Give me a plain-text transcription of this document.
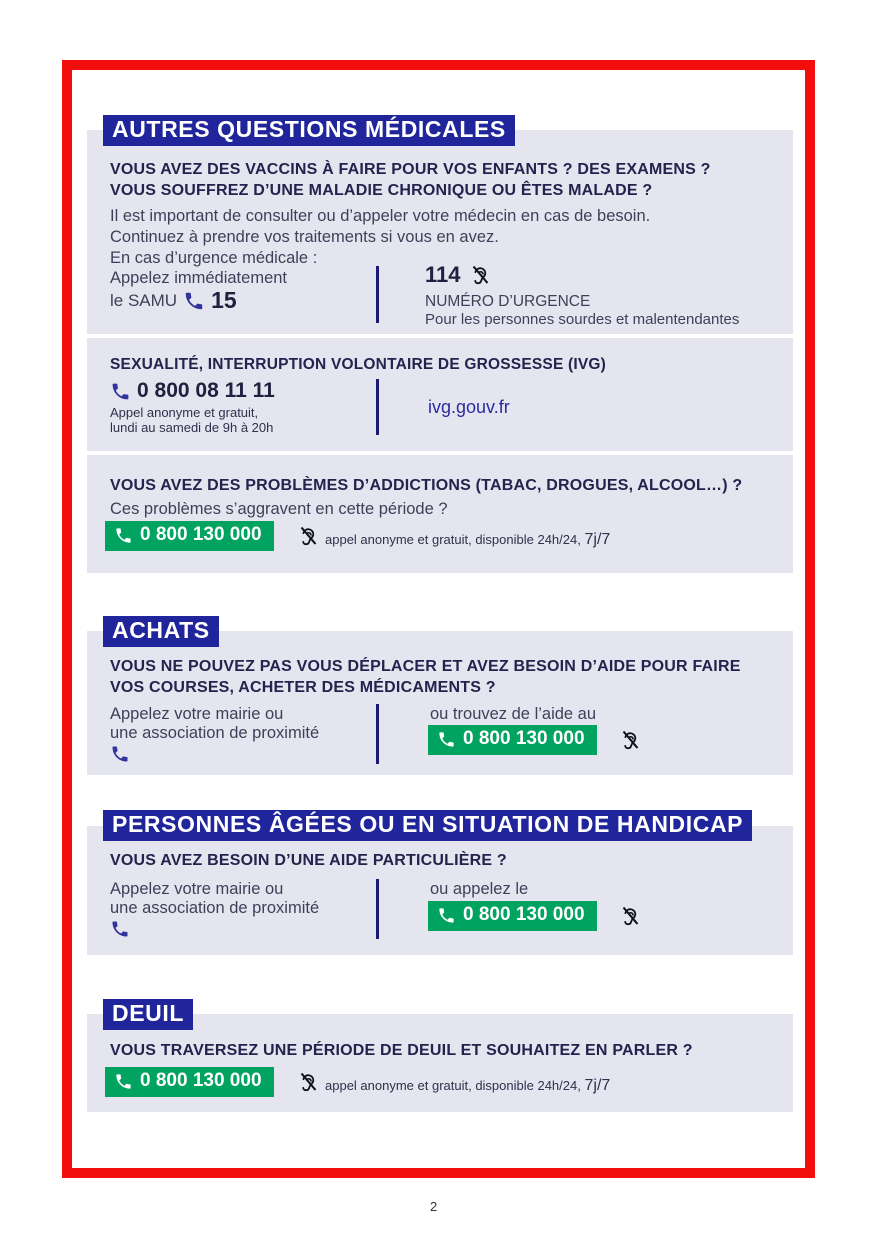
AUTRES QUESTIONS MÉDICALES
VOUS AVEZ DES VACCINS À FAIRE POUR VOS ENFANTS ? DES EXAMENS ?
VOUS SOUFFREZ D’UNE MALADIE CHRONIQUE OU ÊTES MALADE ?
Il est important de consulter ou d’appeler votre médecin en cas de besoin.
Continuez à prendre vos traitements si vous en avez.
En cas d’urgence médicale :
Appelez immédiatement
le SAMU 15
114
NUMÉRO D’URGENCE
Pour les personnes sourdes et malentendantes
SEXUALITÉ, INTERRUPTION VOLONTAIRE DE GROSSESSE (IVG)
0 800 08 11 11
Appel anonyme et gratuit,
lundi au samedi de 9h à 20h
ivg.gouv.fr
VOUS AVEZ DES PROBLÈMES D’ADDICTIONS (TABAC, DROGUES, ALCOOL…) ?
Ces problèmes s’aggravent en cette période ?
0 800 130 000	appel anonyme et gratuit, disponible 24h/24, 7j/7
ACHATS
VOUS NE POUVEZ PAS VOUS DÉPLACER ET AVEZ BESOIN D’AIDE POUR FAIRE
VOS COURSES, ACHETER DES MÉDICAMENTS ?
Appelez votre mairie ou
une association de proximité
ou trouvez de l’aide au
0 800 130 000
PERSONNES ÂGÉES OU EN SITUATION DE HANDICAP
VOUS AVEZ BESOIN D’UNE AIDE PARTICULIÈRE ?
Appelez votre mairie ou
une association de proximité
ou appelez le
0 800 130 000
DEUIL
VOUS TRAVERSEZ UNE PÉRIODE DE DEUIL ET SOUHAITEZ EN PARLER ?
0 800 130 000	appel anonyme et gratuit, disponible 24h/24, 7j/7
2
